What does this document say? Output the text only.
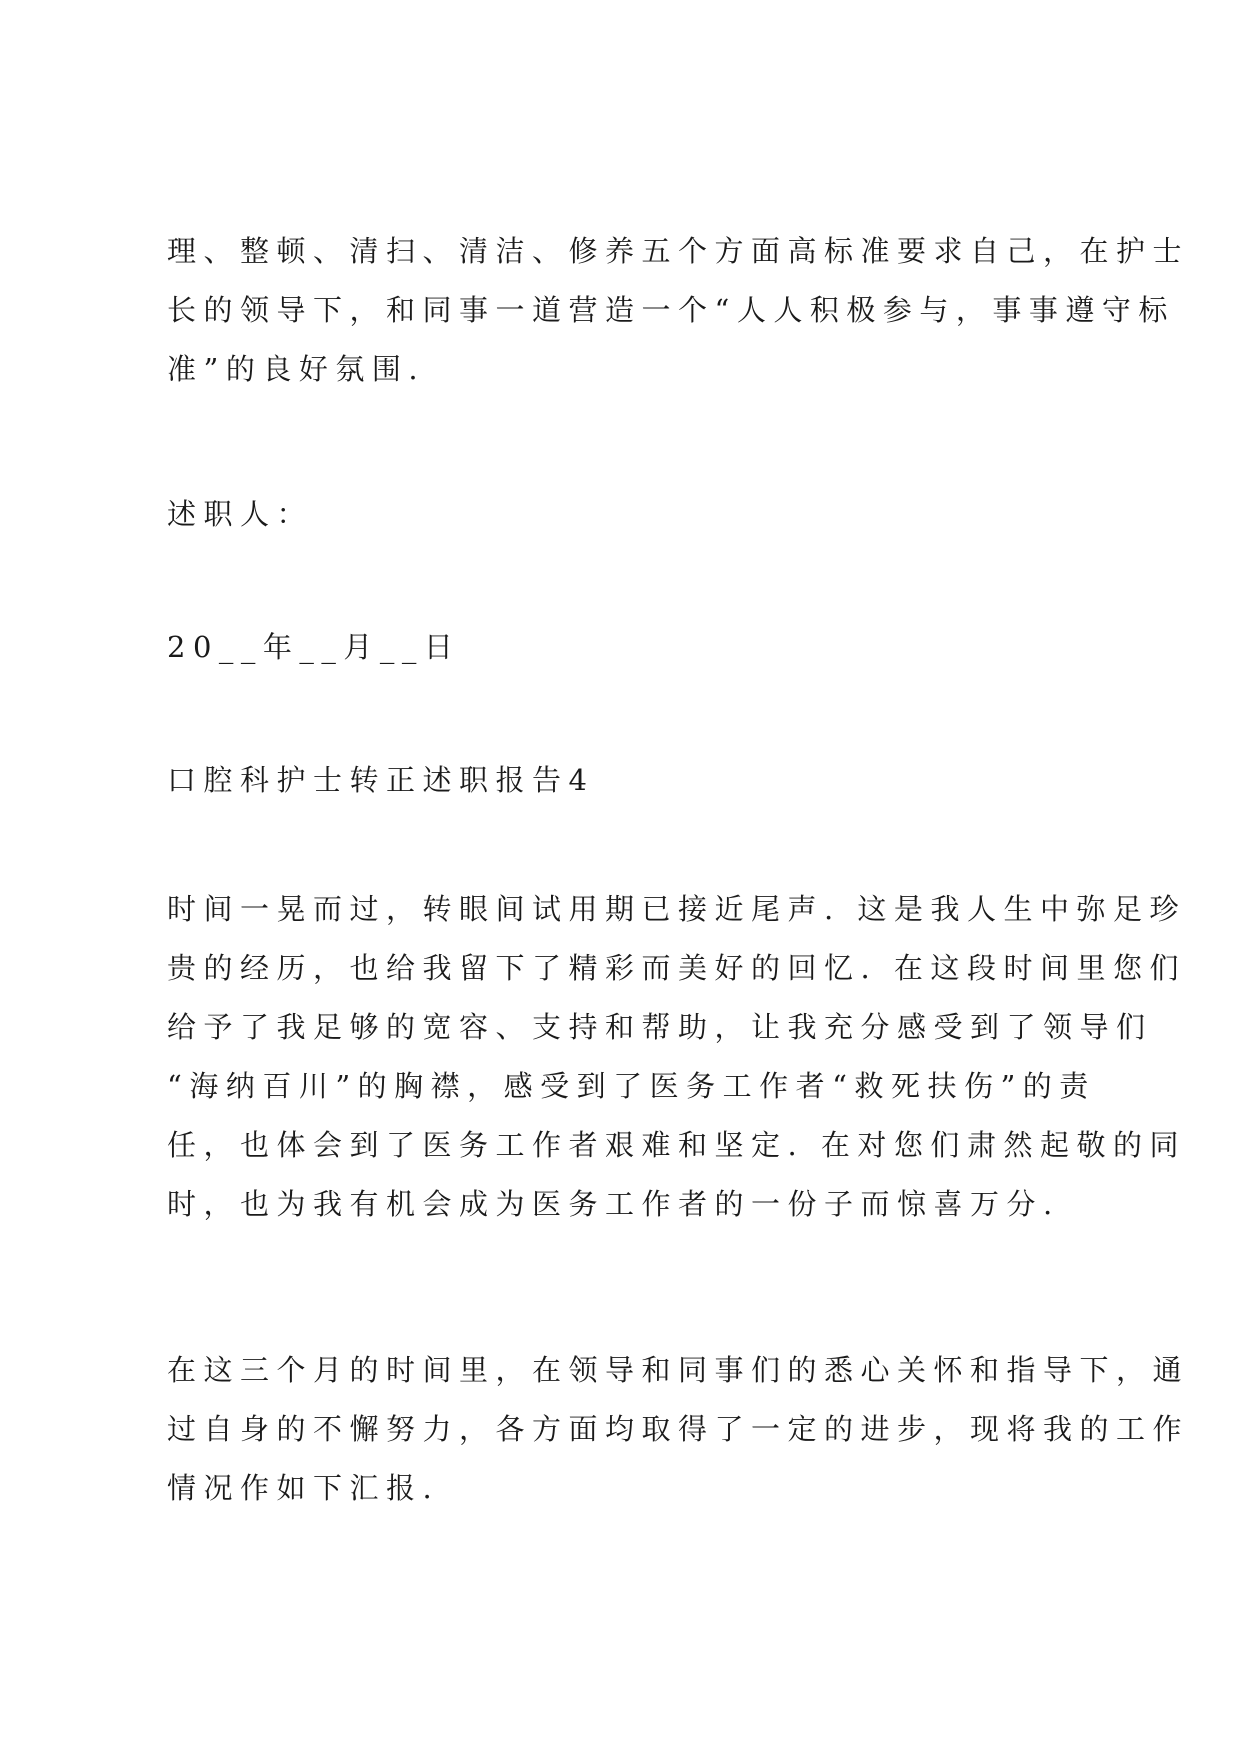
理、整顿、清扫、清洁、修养五个方面高标准要求自己，在护士
长的领导下，和同事一道营造一个“人人积极参与，事事遵守标
准”的良好氛围.
述职人：
20__年__月__日
口腔科护士转正述职报告4
时间一晃而过，转眼间试用期已接近尾声. 这是我人生中弥足珍
贵的经历，也给我留下了精彩而美好的回忆. 在这段时间里您们
给予了我足够的宽容、支持和帮助，让我充分感受到了领导们
“海纳百川”的胸襟，感受到了医务工作者“救死扶伤”的责
任，也体会到了医务工作者艰难和坚定. 在对您们肃然起敬的同
时，也为我有机会成为医务工作者的一份子而惊喜万分.
在这三个月的时间里，在领导和同事们的悉心关怀和指导下，通
过自身的不懈努力，各方面均取得了一定的进步，现将我的工作
情况作如下汇报.
